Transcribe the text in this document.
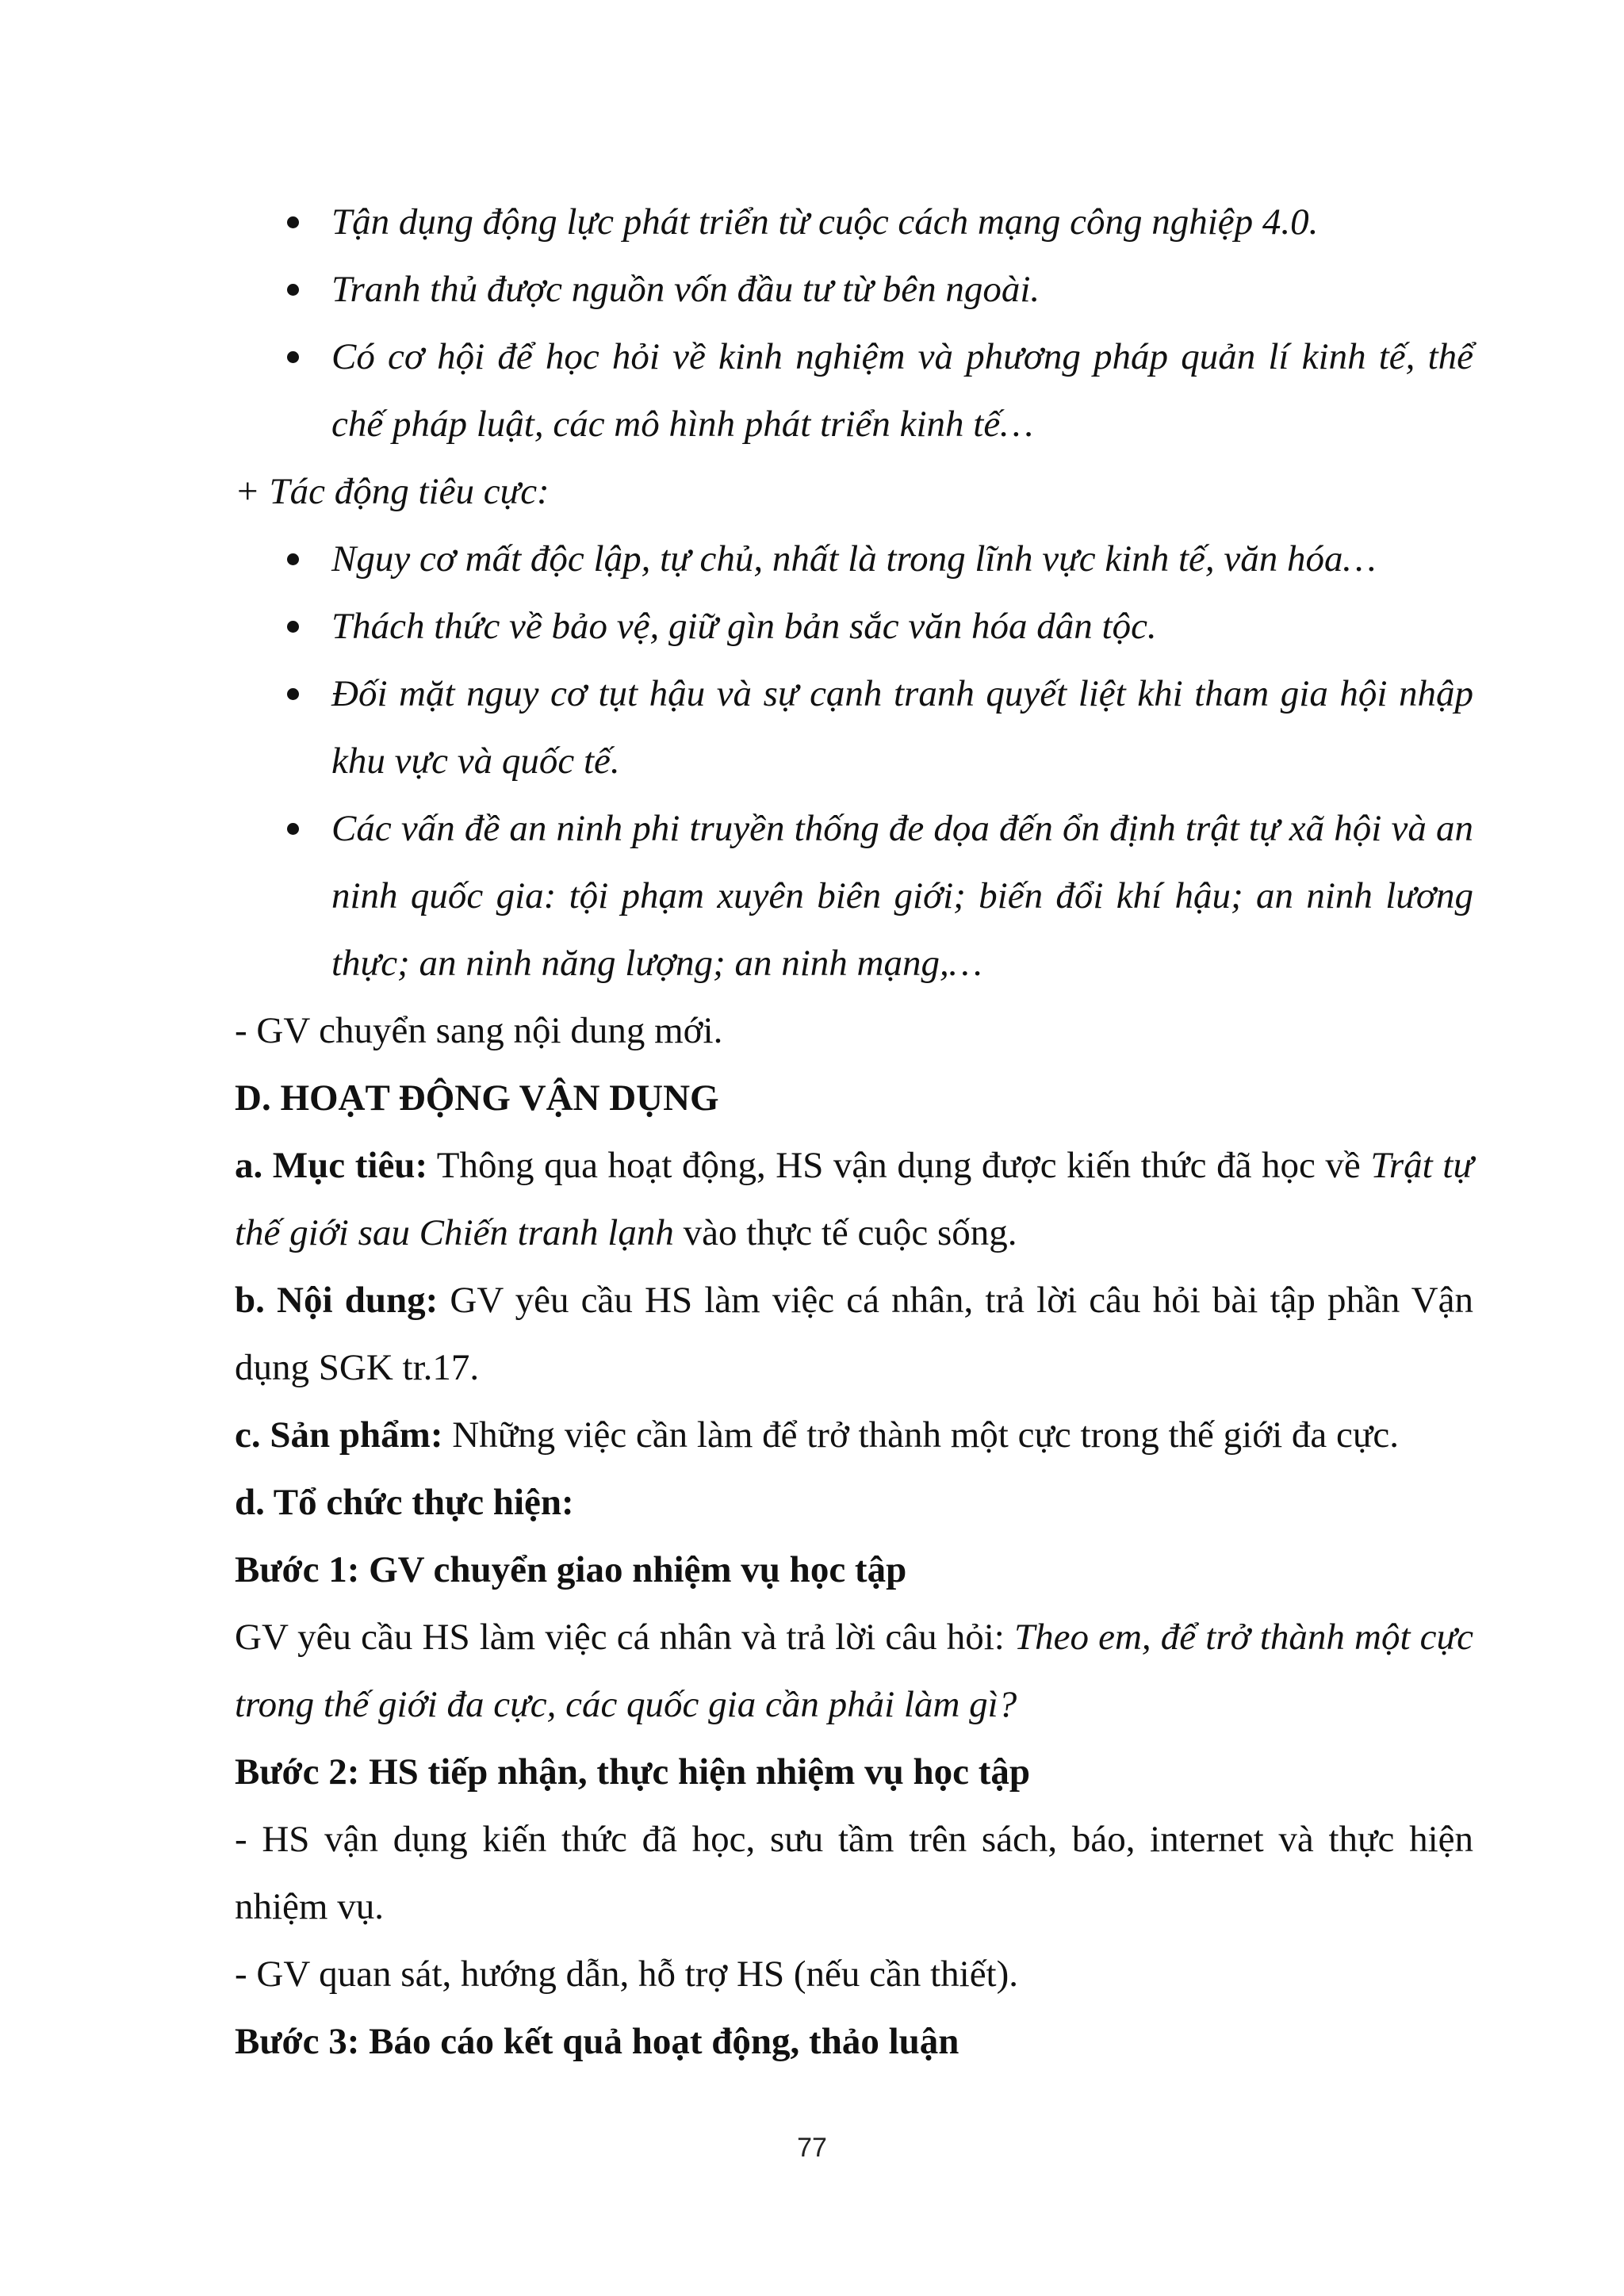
Tận dụng động lực phát triển từ cuộc cách mạng công nghiệp 4.0.
Tranh thủ được nguồn vốn đầu tư từ bên ngoài.
Có cơ hội để học hỏi về kinh nghiệm và phương pháp quản lí kinh tế, thể chế pháp luật, các mô hình phát triển kinh tế…

+ Tác động tiêu cực:

Nguy cơ mất độc lập, tự chủ, nhất là trong lĩnh vực kinh tế, văn hóa…
Thách thức về bảo vệ, giữ gìn bản sắc văn hóa dân tộc.
Đối mặt nguy cơ tụt hậu và sự cạnh tranh quyết liệt khi tham gia hội nhập khu vực và quốc tế.
Các vấn đề an ninh phi truyền thống đe dọa đến ổn định trật tự xã hội và an ninh quốc gia: tội phạm xuyên biên giới; biến đổi khí hậu; an ninh lương thực; an ninh năng lượng; an ninh mạng,…

- GV chuyển sang nội dung mới.

D. HOẠT ĐỘNG VẬN DỤNG

a. Mục tiêu: Thông qua hoạt động, HS vận dụng được kiến thức đã học về Trật tự thế giới sau Chiến tranh lạnh vào thực tế cuộc sống.

b. Nội dung: GV yêu cầu HS làm việc cá nhân, trả lời câu hỏi bài tập phần Vận dụng SGK tr.17.

c. Sản phẩm: Những việc cần làm để trở thành một cực trong thế giới đa cực.

d. Tổ chức thực hiện:

Bước 1: GV chuyển giao nhiệm vụ học tập

GV yêu cầu HS làm việc cá nhân và trả lời câu hỏi: Theo em, để trở thành một cực trong thế giới đa cực, các quốc gia cần phải làm gì?

Bước 2: HS tiếp nhận, thực hiện nhiệm vụ học tập

- HS vận dụng kiến thức đã học, sưu tầm trên sách, báo, internet và thực hiện nhiệm vụ.

- GV quan sát, hướng dẫn, hỗ trợ HS (nếu cần thiết).

Bước 3: Báo cáo kết quả hoạt động, thảo luận

77
